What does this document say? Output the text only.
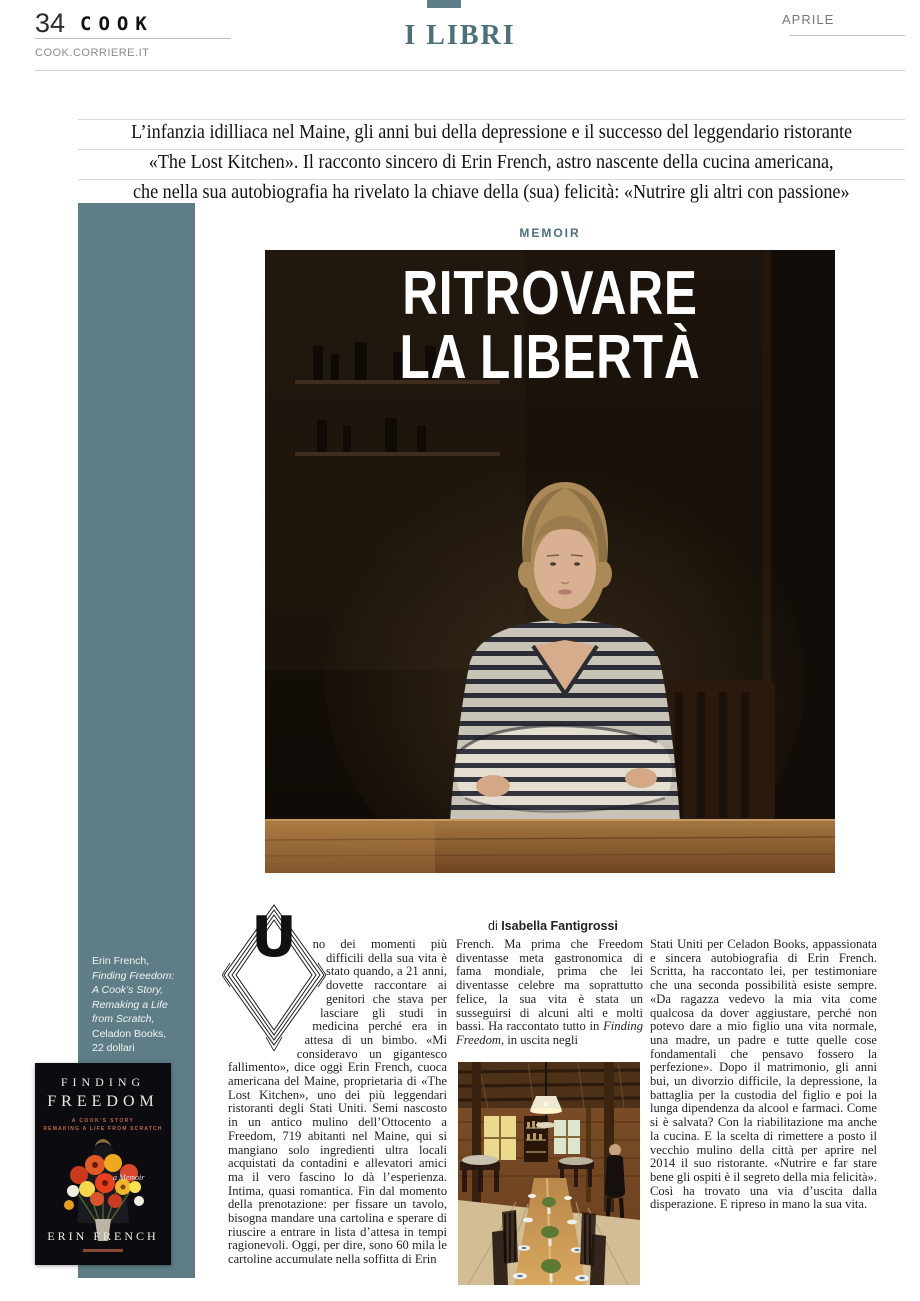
34 COOK
COOK.CORRIERE.IT
I LIBRI
APRILE
L’infanzia idilliaca nel Maine, gli anni bui della depressione e il successo del leggendario ristorante
«The Lost Kitchen». Il racconto sincero di Erin French, astro nascente della cucina americana,
che nella sua autobiografia ha rivelato la chiave della (sua) felicità: «Nutrire gli altri con passione»
MEMOIR
RITROVARE
LA LIBERTÀ
di Isabella Fantigrossi
U	no dei momenti più difficili della sua vita è stato quando, a 21 anni, dovette raccontare ai genitori che stava per lasciare gli studi in medicina perché era in attesa di un bimbo. «Mi consideravo un gigantesco fallimento», dice oggi Erin French, cuoca americana del Maine, proprietaria di «The Lost Kitchen», uno dei più leggendari ristoranti degli Stati Uniti. Semi nascosto in un antico mulino dell’Ottocento a Freedom, 719 abitanti nel Maine, qui si mangiano solo ingredienti ultra locali acquistati da contadini e allevatori amici ma il vero fascino lo dà l’esperienza. Intima, quasi romantica. Fin dal momento della prenotazione: per fissare un tavolo, bisogna mandare una cartolina e sperare di riuscire a entrare in lista d’attesa in tempi ragionevoli. Oggi, per dire, sono 60 mila le cartoline accumulate nella soffitta di Erin

French. Ma prima che Freedom diventasse meta gastronomica di fama mondiale, prima che lei diventasse celebre ma soprattutto felice, la sua vita è stata un susseguirsi di alcuni alti e molti bassi. Ha raccontato tutto in Finding Freedom, in uscita negli

Stati Uniti per Celadon Books, appassionata e sincera autobiografia di Erin French. Scritta, ha raccontato lei, per testimoniare che una seconda possibilità esiste sempre. «Da ragazza vedevo la mia vita come qualcosa da dover aggiustare, perché non potevo dare a mio figlio una vita normale, una madre, un padre e tutte quelle cose fondamentali che pensavo fossero la perfezione». Dopo il matrimonio, gli anni bui, un divorzio difficile, la depressione, la battaglia per la custodia del figlio e poi la lunga dipendenza da alcool e farmaci. Come si è salvata? Con la riabilitazione ma anche la cucina. E la scelta di rimettere a posto il vecchio mulino della città per aprire nel 2014 il suo ristorante. «Nutrire e far stare bene gli ospiti è il segreto della mia felicità». Così ha trovato una via d’uscita dalla disperazione. E ripreso in mano la sua vita.

Erin French,
Finding Freedom:
A Cook’s Story,
Remaking a Life
from Scratch,
Celadon Books,
22 dollari
FINDING
FREEDOM
A COOK’S STORY
REMAKING A LIFE FROM SCRATCH
a Memoir
ERIN FRENCH
